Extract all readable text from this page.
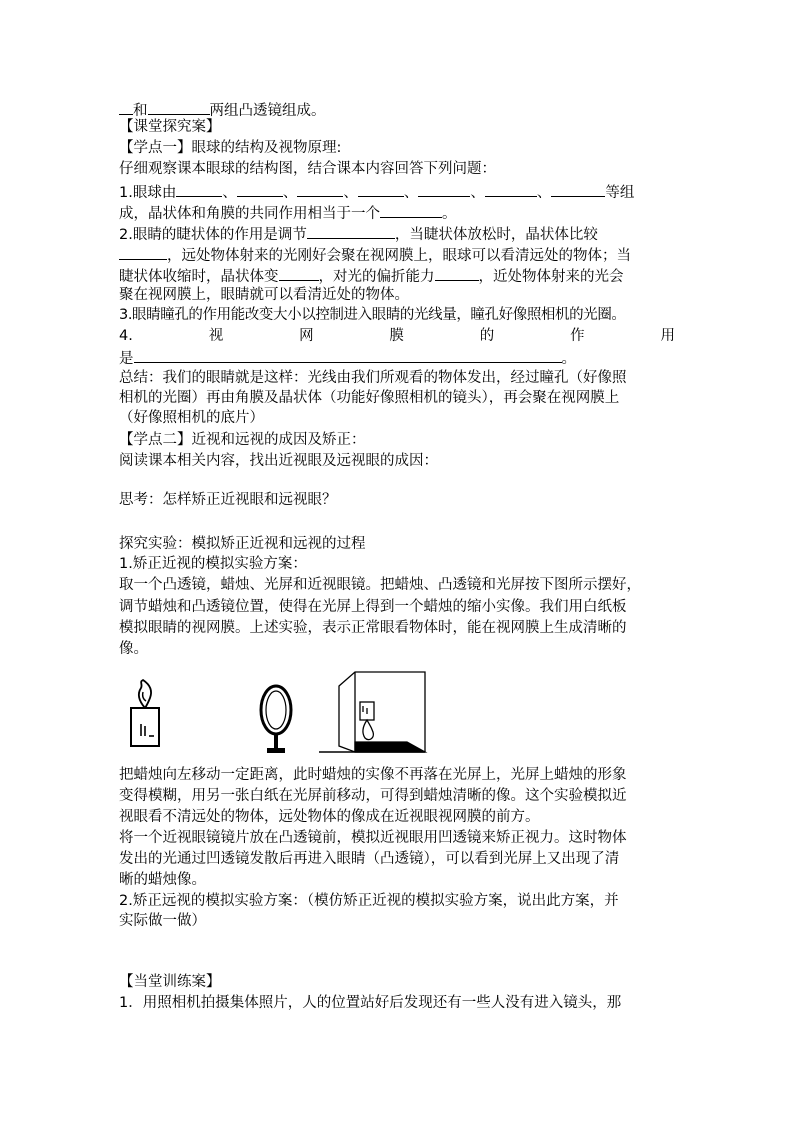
和	两组凸透镜组成。
【课堂探究案】
【学点一】眼球的结构及视物原理:
仔细观察课本眼球的结构图，结合课本内容回答下列问题：
1.眼球由	、	、	、	、	、	、	等组
成，晶状体和角膜的共同作用相当于一个	。
2.眼睛的睫状体的作用是调节	，当睫状体放松时，晶状体比较
，远处物体射来的光刚好会聚在视网膜上，眼球可以看清远处的物体；当
睫状体收缩时，晶状体变	，对光的偏折能力	，近处物体射来的光会
聚在视网膜上，眼睛就可以看清近处的物体。
3.眼睛瞳孔的作用能改变大小以控制进入眼睛的光线量，瞳孔好像照相机的光圈。
4.	视	网	膜	的	作	用
是	。
总结：我们的眼睛就是这样：光线由我们所观看的物体发出，经过瞳孔（好像照
相机的光圈）再由角膜及晶状体（功能好像照相机的镜头），再会聚在视网膜上
（好像照相机的底片）
【学点二】近视和远视的成因及矫正：
阅读课本相关内容，找出近视眼及远视眼的成因：
思考：怎样矫正近视眼和远视眼？
探究实验：模拟矫正近视和远视的过程
1.矫正近视的模拟实验方案：
取一个凸透镜，蜡烛、光屏和近视眼镜。把蜡烛、凸透镜和光屏按下图所示摆好，
调节蜡烛和凸透镜位置，使得在光屏上得到一个蜡烛的缩小实像。我们用白纸板
模拟眼睛的视网膜。上述实验，表示正常眼看物体时，能在视网膜上生成清晰的
像。
把蜡烛向左移动一定距离，此时蜡烛的实像不再落在光屏上，光屏上蜡烛的形象
变得模糊，用另一张白纸在光屏前移动，可得到蜡烛清晰的像。这个实验模拟近
视眼看不清远处的物体，远处物体的像成在近视眼视网膜的前方。
将一个近视眼镜镜片放在凸透镜前，模拟近视眼用凹透镜来矫正视力。这时物体
发出的光通过凹透镜发散后再进入眼睛（凸透镜），可以看到光屏上又出现了清
晰的蜡烛像。
2.矫正远视的模拟实验方案：（模仿矫正近视的模拟实验方案，说出此方案，并
实际做一做）
【当堂训练案】
1．用照相机拍摄集体照片，人的位置站好后发现还有一些人没有进入镜头，那
